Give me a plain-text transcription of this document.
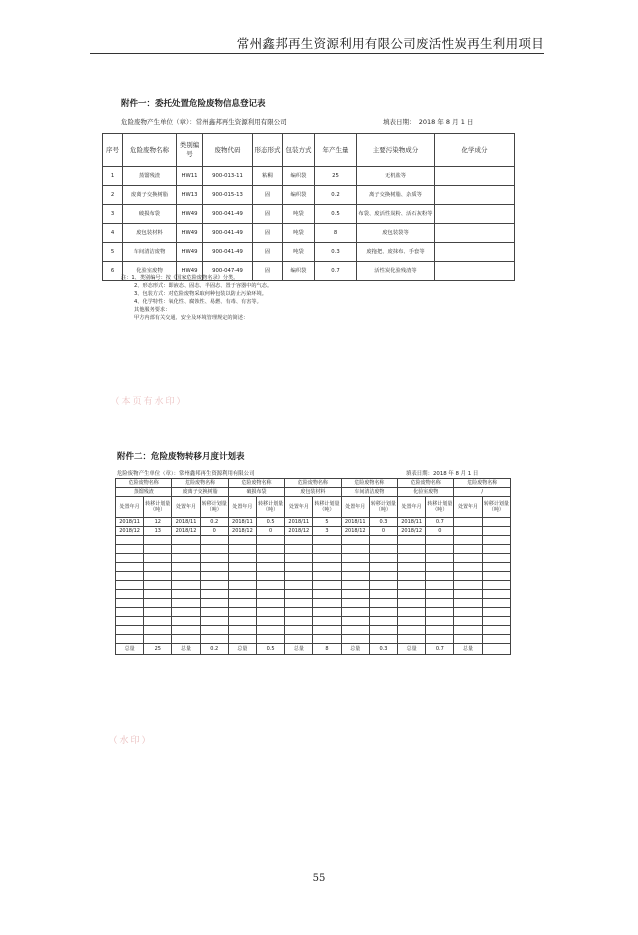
常州鑫邦再生资源利用有限公司废活性炭再生利用项目
附件一：委托处置危险废物信息登记表
危险废物产生单位（章）：常州鑫邦再生资源利用有限公司	填表日期：　2018 年 8 月 1 日
序号	危险废物名称	类别编号	废物代码	形态形式	包装方式	年产生量	主要污染物成分	化学成分
1	蒸馏残渣	HW11	900-013-11	粘稠	编织袋	25	无机盐等	
2	废离子交换树脂	HW13	900-015-13	固	编织袋	0.2	离子交换树脂、杂质等	
3	破损布袋	HW49	900-041-49	固	吨袋	0.5	布袋、废活性炭粉、活石灰粉等	
4	废包装材料	HW49	900-041-49	固	吨袋	8	废包装袋等	
5	车间清洁废物	HW49	900-041-49	固	吨袋	0.3	废拖把、废抹布、手套等	
6	化验室废物	HW49	900-047-49	固	编织袋	0.7	活性炭化验残渣等	
注：1、类别编号：按《国家危险废物名录》分类。
2、形态形式：即液态、固态、半固态、置于容器中的气态。
3、包装方式：对危险废物采取何种包装以防止污染环境。
4、化学特性：氧化性、腐蚀性、易燃、有毒、有害等。
其他服务要求：
甲方内部有关交通、安全及环境管理规定的简述：
　（本页有水印）
附件二：危险废物转移月度计划表
危险废物产生单位（章）：常州鑫邦再生资源利用有限公司	填表日期：2018 年 8 月 1 日
危险废物名称		危险废物名称		危险废物名称		危险废物名称		危险废物名称		危险废物名称		危险废物名称	
蒸馏残渣		废离子交换树脂		破损布袋		废包装材料		车间清洁废物		化验室废物		/	
处置年月	转移计划量（吨）	处置年月	转移计划量（吨）	处置年月	转移计划量（吨）	处置年月	转移计划量（吨）	处置年月	转移计划量（吨）	处置年月	转移计划量（吨）	处置年月	转移计划量（吨）
2018/11	12	2018/11	0.2	2018/11	0.5	2018/11	5	2018/11	0.3	2018/11	0.7		
2018/12	13	2018/12	0	2018/12	0	2018/12	3	2018/12	0	2018/12	0		

总量	25	总量	0.2	总量	0.5	总量	8	总量	0.3	总量	0.7	总量	
　（水印）
55
